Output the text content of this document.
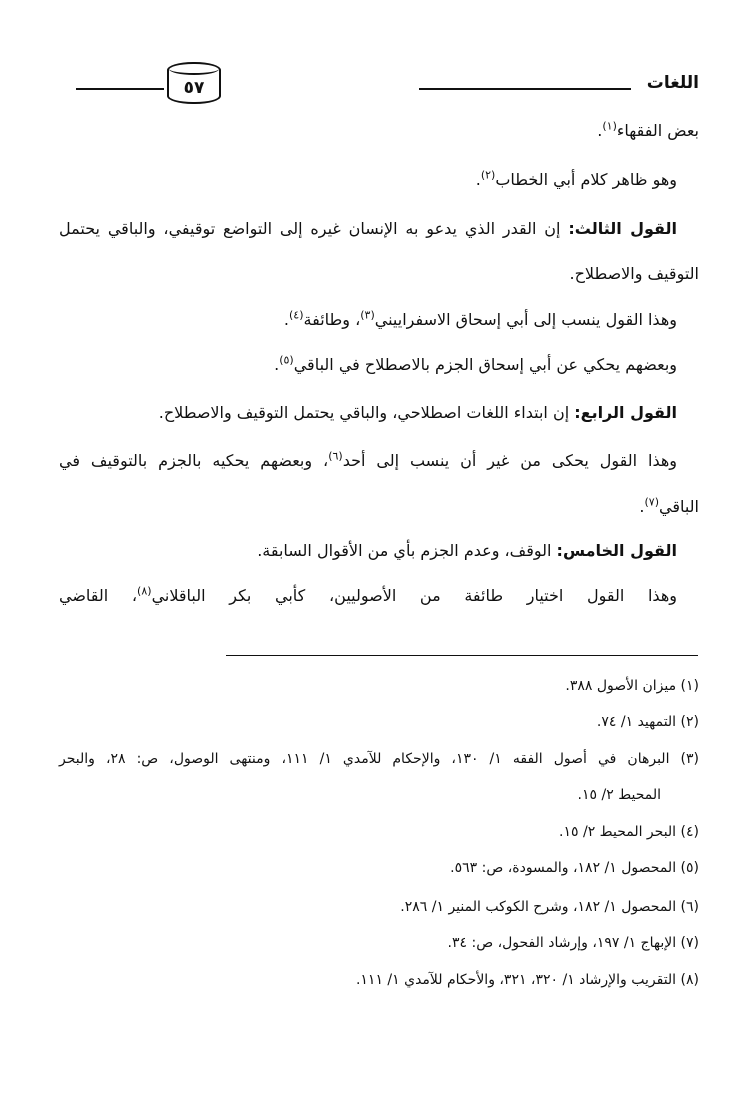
اللغات
٥٧
بعض الفقهاء$^{(١)}$.
وهو ظاهر كلام أبي الخطاب$^{(٢)}$.
القول الثالث: إن القدر الذي يدعو به الإنسان غيره إلى التواضع توقيفي، والباقي يحتمل
التوقيف والاصطلاح.
وهذا القول ينسب إلى أبي إسحاق الاسفراييني$^{(٣)}$، وطائفة$^{(٤)}$.
وبعضهم يحكي عن أبي إسحاق الجزم بالاصطلاح في الباقي$^{(٥)}$.
القول الرابع: إن ابتداء اللغات اصطلاحي، والباقي يحتمل التوقيف والاصطلاح.
وهذا القول يحكى من غير أن ينسب إلى أحد$^{(٦)}$، وبعضهم يحكيه بالجزم بالتوقيف في
الباقي$^{(٧)}$.
القول الخامس: الوقف، وعدم الجزم بأي من الأقوال السابقة.
وهذا القول اختيار طائفة من الأصوليين، كأبي بكر الباقلاني$^{(٨)}$، القاضي
(١) ميزان الأصول ٣٨٨.
(٢) التمهيد ١/ ٧٤.
(٣) البرهان في أصول الفقه ١/ ١٣٠، والإحكام للآمدي ١/ ١١١، ومنتهى الوصول، ص: ٢٨، والبحر
المحيط ٢/ ١٥.
(٤) البحر المحيط ٢/ ١٥.
(٥) المحصول ١/ ١٨٢، والمسودة، ص: ٥٦٣.
(٦) المحصول ١/ ١٨٢، وشرح الكوكب المنير ١/ ٢٨٦.
(٧) الإبهاج ١/ ١٩٧، وإرشاد الفحول، ص: ٣٤.
(٨) التقريب والإرشاد ١/ ٣٢٠، ٣٢١، والأحكام للآمدي ١/ ١١١.
